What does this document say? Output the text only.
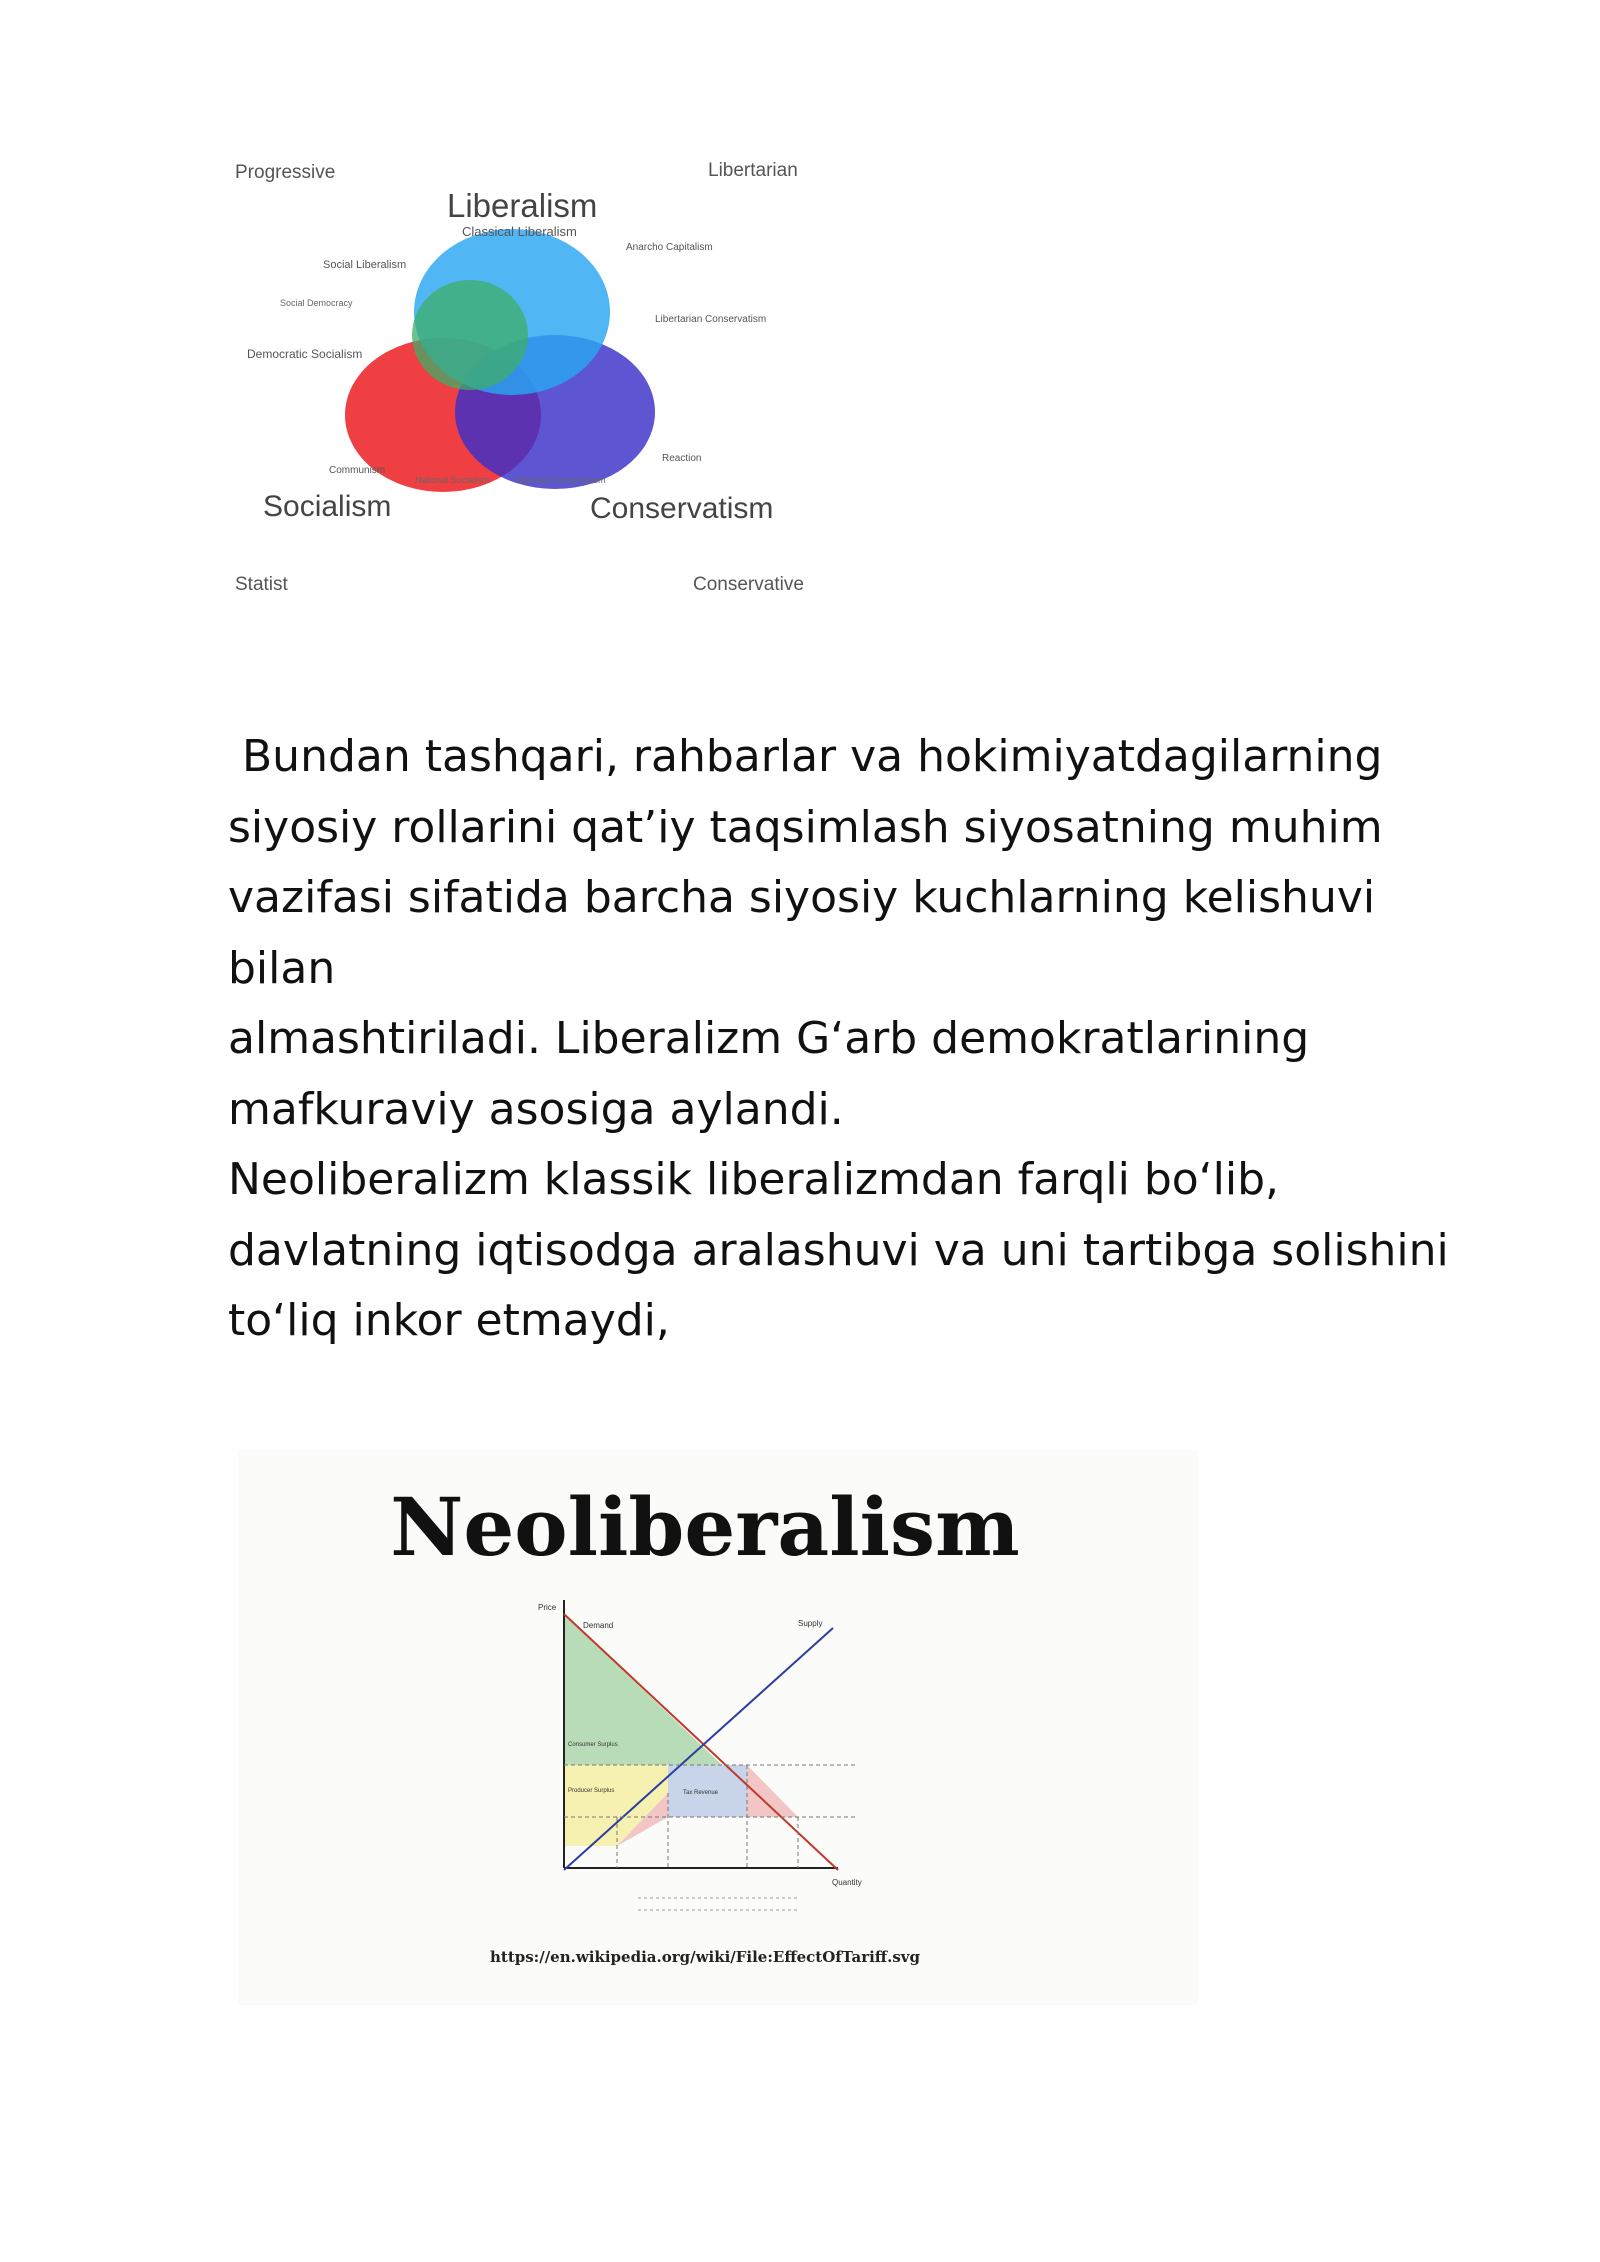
Progressive	Libertarian
Statist	Conservative
Liberalism
Classical Liberalism
Social Liberalism
Social Democracy
Democratic Socialism
Anarcho Capitalism
Libertarian Conservatism
Communism
National Socialism	National Conservatism
Reaction
Socialism	Conservatism

Bundan tashqari, rahbarlar va hokimiyatdagilarning
siyosiy rollarini qat’iy taqsimlash siyosatning muhim
vazifasi sifatida barcha siyosiy kuchlarning kelishuvi bilan
almashtiriladi. Liberalizm G‘arb demokratlarining
mafkuraviy asosiga aylandi.

Neoliberalizm klassik liberalizmdan farqli bo‘lib,
davlatning iqtisodga aralashuvi va uni tartibga solishini
to‘liq inkor etmaydi,

Neoliberalism
Price
Quantity
Demand	Supply
Consumer Surplus
Producer Surplus	Tax Revenue
https://en.wikipedia.org/wiki/File:EffectOfTariff.svg
